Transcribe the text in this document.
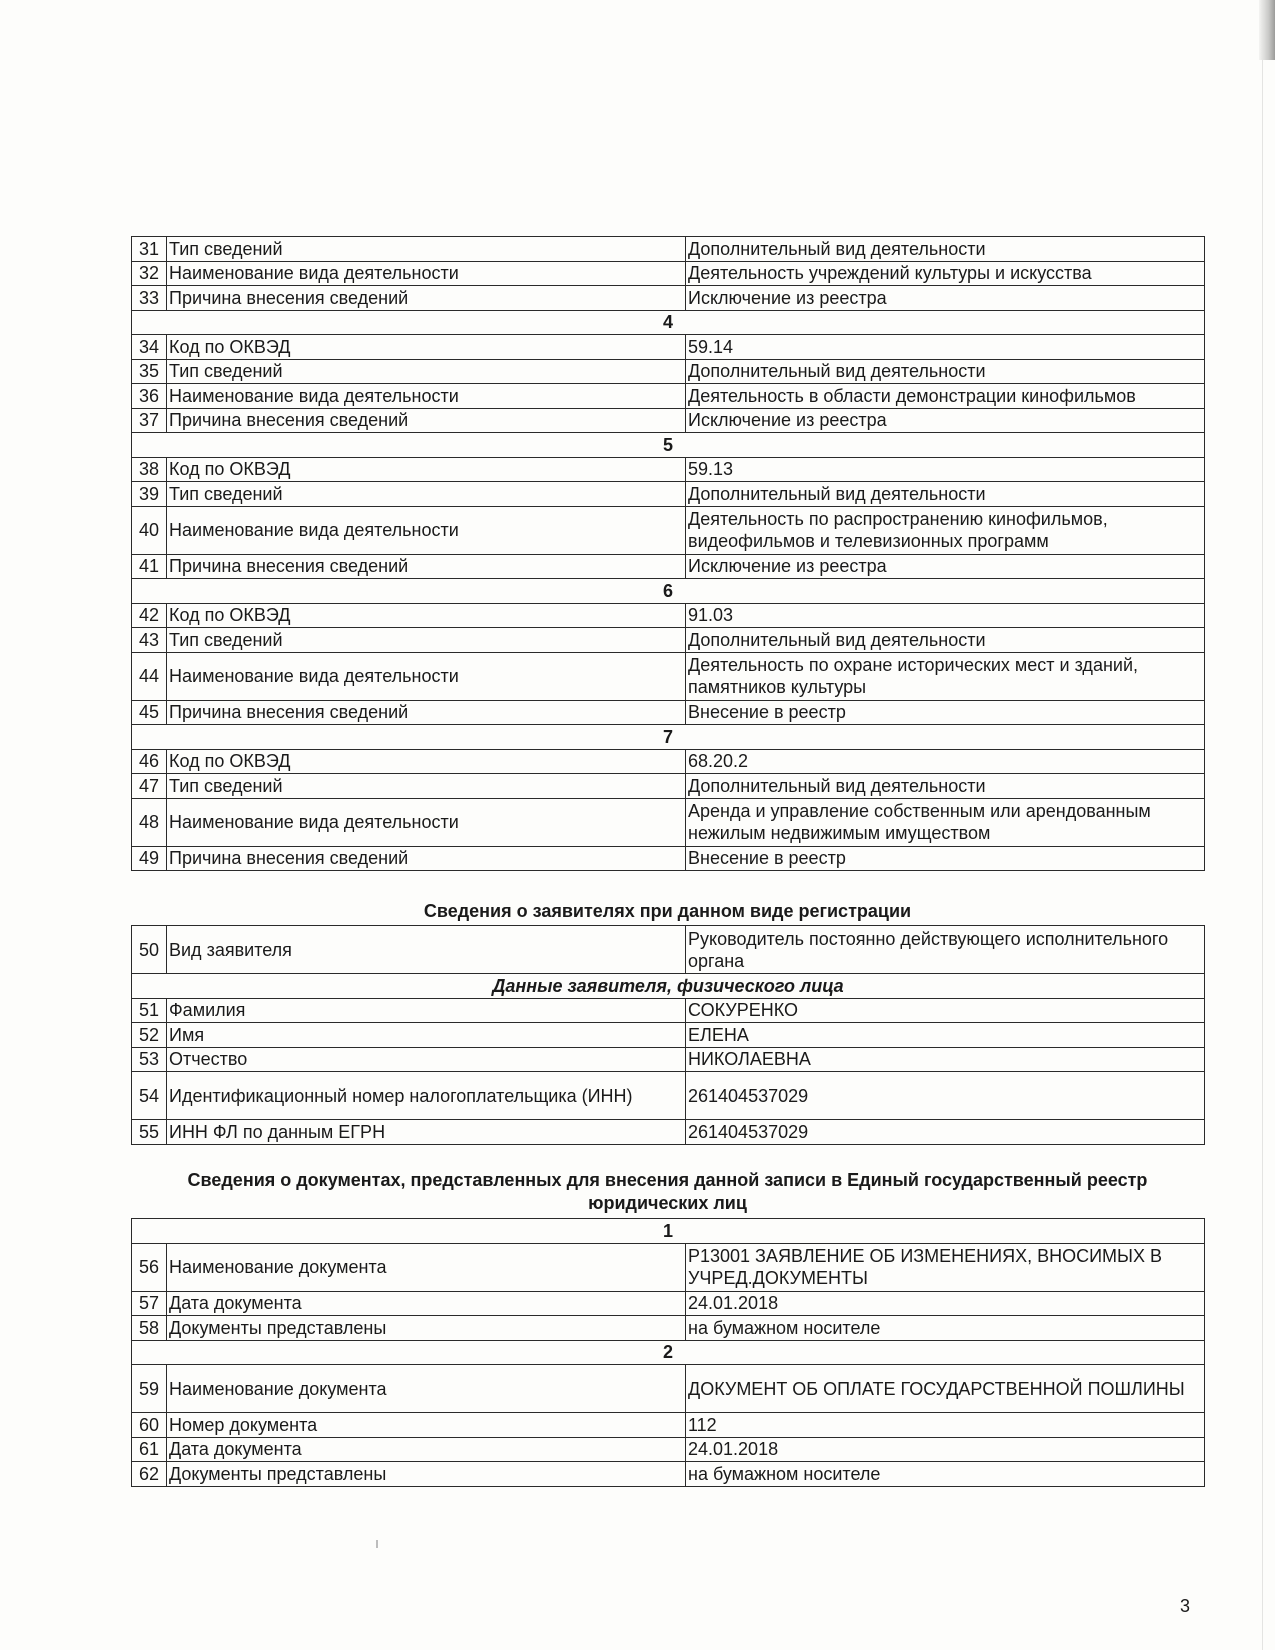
31	Тип сведений	Дополнительный вид деятельности
32	Наименование вида деятельности	Деятельность учреждений культуры и искусства
33	Причина внесения сведений	Исключение из реестра
4		
34	Код по ОКВЭД	59.14
35	Тип сведений	Дополнительный вид деятельности
36	Наименование вида деятельности	Деятельность в области демонстрации кинофильмов
37	Причина внесения сведений	Исключение из реестра
5		
38	Код по ОКВЭД	59.13
39	Тип сведений	Дополнительный вид деятельности
40	Наименование вида деятельности	Деятельность по распространению кинофильмов, видеофильмов и телевизионных программ
41	Причина внесения сведений	Исключение из реестра
6		
42	Код по ОКВЭД	91.03
43	Тип сведений	Дополнительный вид деятельности
44	Наименование вида деятельности	Деятельность по охране исторических мест и зданий, памятников культуры
45	Причина внесения сведений	Внесение в реестр
7		
46	Код по ОКВЭД	68.20.2
47	Тип сведений	Дополнительный вид деятельности
48	Наименование вида деятельности	Аренда и управление собственным или арендованным нежилым недвижимым имуществом
49	Причина внесения сведений	Внесение в реестр
Сведения о заявителях при данном виде регистрации
50	Вид заявителя	Руководитель постоянно действующего исполнительного органа
Данные заявителя, физического лица		
51	Фамилия	СОКУРЕНКО
52	Имя	ЕЛЕНА
53	Отчество	НИКОЛАЕВНА
54	Идентификационный номер налогоплательщика (ИНН)	261404537029
55	ИНН ФЛ по данным ЕГРН	261404537029
Сведения о документах, представленных для внесения данной записи в Единый государственный реестр юридических лиц
1		
56	Наименование документа	Р13001 ЗАЯВЛЕНИЕ ОБ ИЗМЕНЕНИЯХ, ВНОСИМЫХ В УЧРЕД.ДОКУМЕНТЫ
57	Дата документа	24.01.2018
58	Документы представлены	на бумажном носителе
2		
59	Наименование документа	ДОКУМЕНТ ОБ ОПЛАТЕ ГОСУДАРСТВЕННОЙ ПОШЛИНЫ
60	Номер документа	112
61	Дата документа	24.01.2018
62	Документы представлены	на бумажном носителе
3
